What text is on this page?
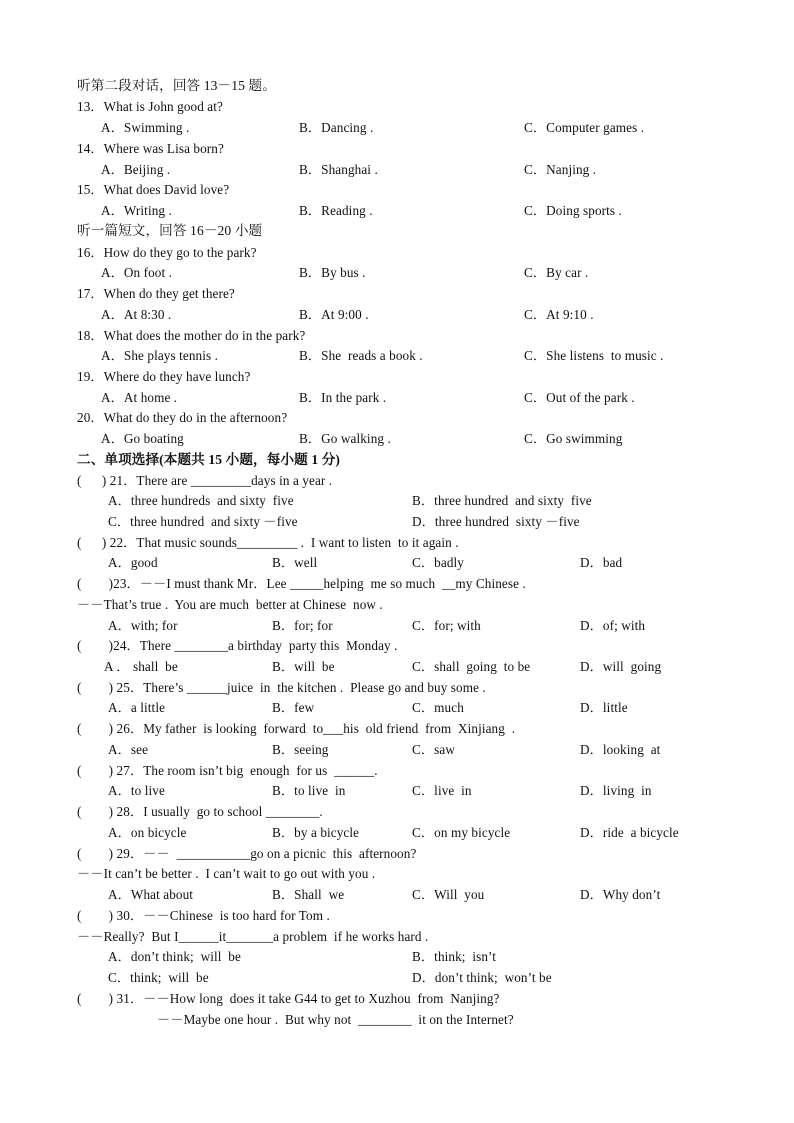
听第二段对话，回答 13－15 题。
13．What is John good at?
A．Swimming .	B．Dancing .	C．Computer games .
14．Where was Lisa born?
A．Beijing .	B．Shanghai .	C．Nanjing .
15．What does David love?
A．Writing .	B．Reading .	C．Doing sports .
听一篇短文，回答 16－20 小题
16．How do they go to the park?
A．On foot .	B．By bus .	C．By car .
17．When do they get there?
A．At 8:30 .	B．At 9:00 .	C．At 9:10 .
18．What does the mother do in the park?
A．She plays tennis .	B．She  reads a book .	C．She listens  to music .
19．Where do they have lunch?
A．At home .	B．In the park .	C．Out of the park .
20．What do they do in the afternoon?
A．Go boating	B．Go walking .	C．Go swimming
二、单项选择(本题共 15 小题，每小题 1 分)
(      ) 21．There are _________days in a year .
A．three hundreds  and sixty  five	B．three hundred  and sixty  five
C．three hundred  and sixty －five	D．three hundred  sixty －five
(      ) 22．That music sounds_________ .  I want to listen  to it again .
A．good	B．well	C．badly	D．bad
(        )23．－－I must thank Mr．Lee _____helping  me so much  __my Chinese .
－－That’s true .  You are much  better at Chinese  now .
A．with; for	B．for; for	C．for; with	D．of; with
(        )24．There ________a birthday  party this  Monday .
A ． shall  be	B．will  be	C．shall  going  to be	D．will  going
(        ) 25．There’s ______juice  in  the kitchen .  Please go and buy some .
A．a little	B．few	C．much	D．little
(        ) 26．My father  is looking  forward  to___his  old friend  from  Xinjiang  .
A．see	B．seeing	C．saw	D．looking  at
(        ) 27．The room isn’t big  enough  for us  ______.
A．to live	B．to live  in	C．live  in	D．living  in
(        ) 28．I usually  go to school ________.
A．on bicycle	B．by a bicycle	C．on my bicycle	D．ride  a bicycle
(        ) 29．－－  ___________go on a picnic  this  afternoon?
－－It can’t be better .  I can’t wait to go out with you .
A．What about	B．Shall  we	C．Will  you	D．Why don’t
(        ) 30．－－Chinese  is too hard for Tom .
－－Really?  But I______it_______a problem  if he works hard .
A．don’t think;  will  be	B．think;  isn’t
C．think;  will  be	D．don’t think;  won’t be
(        ) 31．－－How long  does it take G44 to get to Xuzhou  from  Nanjing?
－－Maybe one hour .  But why not  ________  it on the Internet?
